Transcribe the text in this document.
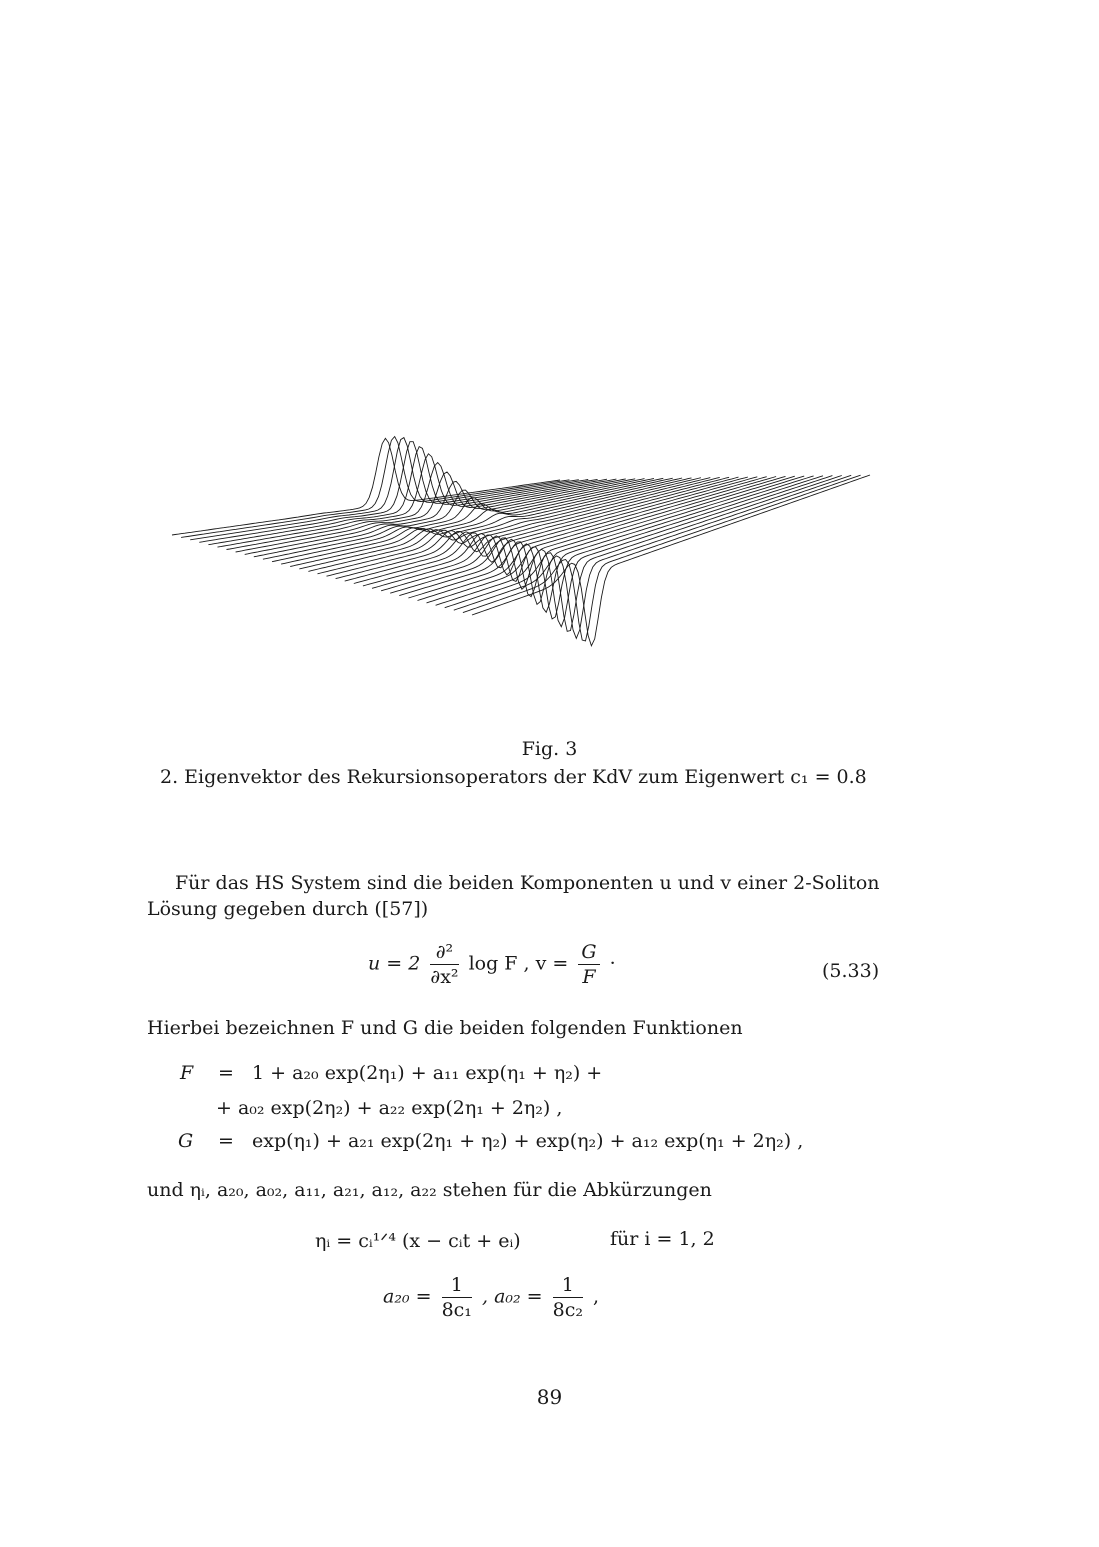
Fig. 3
2. Eigenvektor des Rekursionsoperators der KdV zum Eigenwert c₁ = 0.8

Für das HS System sind die beiden Komponenten u und v einer 2-Soliton

Lösung gegeben durch ([57])

$u = 2 \frac{\text{∂²}}{\text{∂x²}}$ log F , $v = \frac{G}{F}$ ·	(5.33)

Hierbei bezeichnen F und G die beiden folgenden Funktionen

F = 1 + a₂₀ exp(2η₁) + a₁₁ exp(η₁ + η₂) +
+ a₀₂ exp(2η₂) + a₂₂ exp(2η₁ + 2η₂) ,
G = exp(η₁) + a₂₁ exp(2η₁ + η₂) + exp(η₂) + a₁₂ exp(η₁ + 2η₂) ,

und ηᵢ, a₂₀, a₀₂, a₁₁, a₂₁, a₁₂, a₂₂ stehen für die Abkürzungen

ηᵢ = cᵢ¹ᐟ⁴ (x − cᵢt + eᵢ)	für i = 1, 2
$a_{20} = \frac{1}{\text{8c₁}}$ , $a_{02} = \frac{1}{\text{8c₂}}$ ,
89
